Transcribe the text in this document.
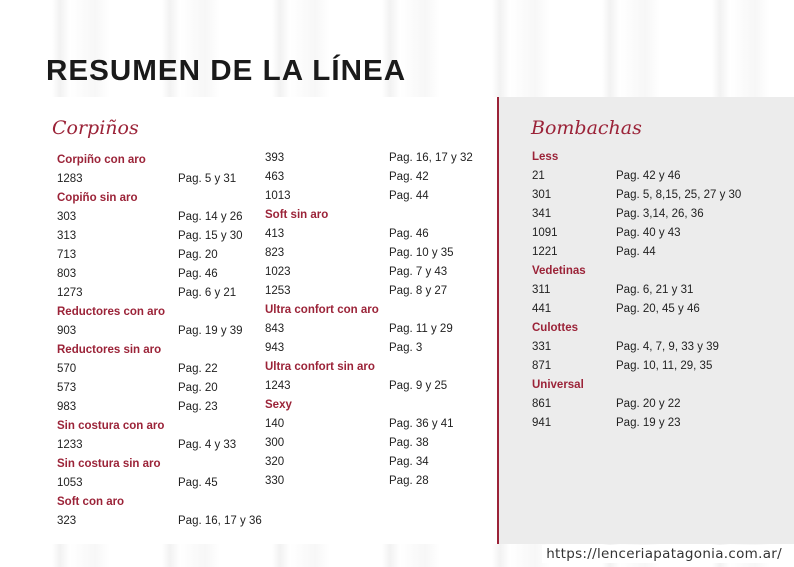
RESUMEN DE LA LÍNEA
Corpiños	Bombachas
Corpiño con aro
1283	Pag. 5 y 31
Copiño sin aro
303	Pag. 14 y 26
313	Pag. 15 y 30
713	Pag. 20
803	Pag. 46
1273	Pag. 6 y 21
Reductores con aro
903	Pag. 19 y 39
Reductores sin aro
570	Pag. 22
573	Pag. 20
983	Pag. 23
Sin costura con aro
1233	Pag. 4 y 33
Sin costura sin aro
1053	Pag. 45
Soft con aro
323	Pag. 16, 17 y 36
393	Pag. 16, 17 y 32
463	Pag. 42
1013	Pag. 44
Soft sin aro
413	Pag. 46
823	Pag. 10 y 35
1023	Pag. 7 y 43
1253	Pag. 8 y 27
Ultra confort con aro
843	Pag. 11 y 29
943	Pag. 3
Ultra confort sin aro
1243	Pag. 9 y 25
Sexy
140	Pag. 36 y 41
300	Pag. 38
320	Pag. 34
330	Pag. 28
Less
21	Pag. 42 y 46
301	Pag. 5, 8,15, 25, 27 y 30
341	Pag. 3,14, 26, 36
1091	Pag. 40 y 43
1221	Pag. 44
Vedetinas
311	Pag. 6, 21 y 31
441	Pag. 20, 45 y 46
Culottes
331	Pag. 4, 7, 9, 33 y 39
871	Pag. 10, 11, 29, 35
Universal
861	Pag. 20 y 22
941	Pag. 19 y 23
https://lenceriapatagonia.com.ar/
